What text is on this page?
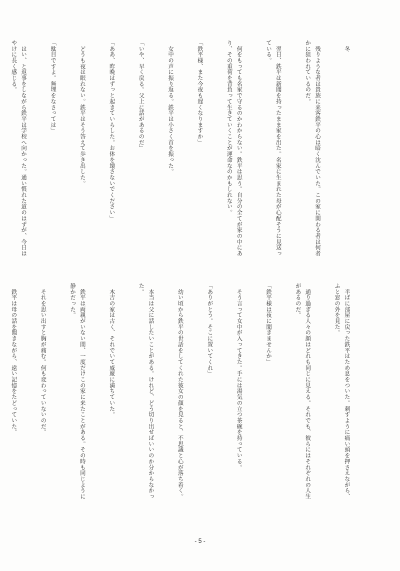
　冬

　残りような者は貴族に来客鉄平の心は暗く沈んでいた。この家に関わる者は何者かに狙われているのだ。

　翌日、鉄平は新聞を持ったまま家を出た。名家に生まれた母が心配そうに見送っている。

　何をもっても名家で守るのかわからない。鉄平は思う。自分の全てが家の中にあり、その重荷を背負って生きていくことが運命なのかもしれない。

「鉄平様、また今夜も遅くなりますか」

　女中の声に振り返る。鉄平は小さく首を振った。

「いや、早く戻る。父上に話があるのだ」

「ああ、昨晩はずっと起きていらした。お体を壊さないでください」

　どうも夜は眠れない。鉄平はそう答えて歩き出した。

「駄目ですよ。無理をなさっては」

　はい、と返事をしながら鉄平は学校へ向かった。通い慣れた道のはずが、今日はやけに長く感じる。

　半ばに部屋に戻った鉄平はため息をついた。刺すように痛い頭を押さえながら、ふと窓の外を見た。

　通り過ぎる人々の顔はどれも同じに見える。それでも、彼らにはそれぞれの人生があるのだ。

「鉄平様は夜に聞きませんか」

　そう言って女中が入ってきた。手には湯気の立つ茶碗を持っている。

「ありがとう。そこに置いてくれ」

　幼い頃から鉄平の世話をしてくれた彼女の顔を見ると、不思議と心が落ち着く。

　本当は父に話したいことがある。けれど、どう切り出せばいいのか分からなかった。

　木吉の家は古く、それでいて威厳に満ちていた。

　鉄平は両親がいない間、一度だけこの家に来たことがある。その時も同じように静かだった。

　それを思い出すと胸が痛む。何も変わっていないのだ。

　鉄平は母の話を聞きながら、遠い記憶をたどっていた。

- 5 -
